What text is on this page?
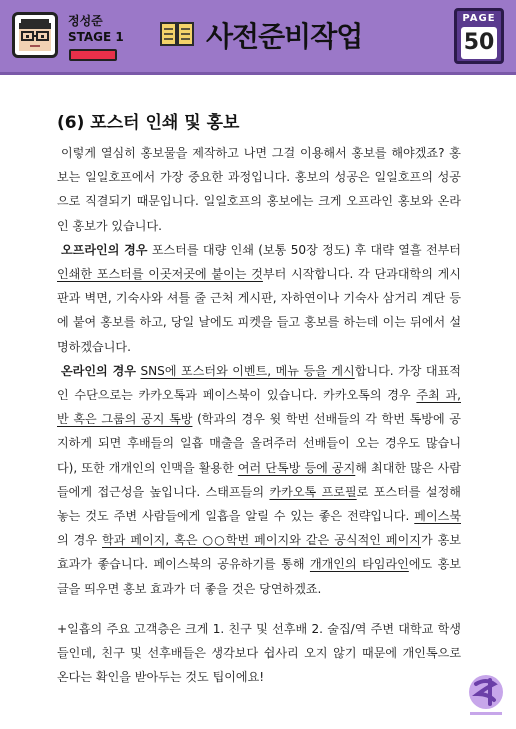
정성준
STAGE 1	사전준비작업
PAGE
50
(6) 포스터 인쇄 및 홍보

이렇게 열심히 홍보물을 제작하고 나면 그걸 이용해서 홍보를 해야겠죠? 홍보는 일일호프에서 가장 중요한 과정입니다. 홍보의 성공은 일일호프의 성공으로 직결되기 때문입니다. 일일호프의 홍보에는 크게 오프라인 홍보와 온라인 홍보가 있습니다.

오프라인의 경우 포스터를 대량 인쇄 (보통 50장 정도) 후 대략 열흘 전부터 인쇄한 포스터를 이곳저곳에 붙이는 것부터 시작합니다. 각 단과대학의 게시판과 벽면, 기숙사와 셔틀 줄 근처 게시판, 자하연이나 기숙사 삼거리 계단 등에 붙여 홍보를 하고, 당일 날에도 피켓을 들고 홍보를 하는데 이는 뒤에서 설명하겠습니다.

온라인의 경우 SNS에 포스터와 이벤트, 메뉴 등을 게시합니다. 가장 대표적인 수단으로는 카카오톡과 페이스북이 있습니다. 카카오톡의 경우 주최 과, 반 혹은 그룹의 공지 톡방 (학과의 경우 윗 학번 선배들의 각 학번 톡방에 공지하게 되면 후배들의 일흡 매출을 올려주러 선배들이 오는 경우도 많습니다), 또한 개개인의 인맥을 활용한 여러 단톡방 등에 공지해 최대한 많은 사람들에게 접근성을 높입니다. 스태프들의 카카오톡 프로필로 포스터를 설정해놓는 것도 주변 사람들에게 일흡을 알릴 수 있는 좋은 전략입니다. 페이스북의 경우 학과 페이지, 혹은 ○○학번 페이지와 같은 공식적인 페이지가 홍보 효과가 좋습니다. 페이스북의 공유하기를 통해 개개인의 타임라인에도 홍보글을 띄우면 홍보 효과가 더 좋을 것은 당연하겠죠.

+일흡의 주요 고객층은 크게 1. 친구 및 선후배 2. 술집/역 주변 대학교 학생들인데, 친구 및 선후배들은 생각보다 쉽사리 오지 않기 때문에 개인톡으로 온다는 확인을 받아두는 것도 팁이에요!
